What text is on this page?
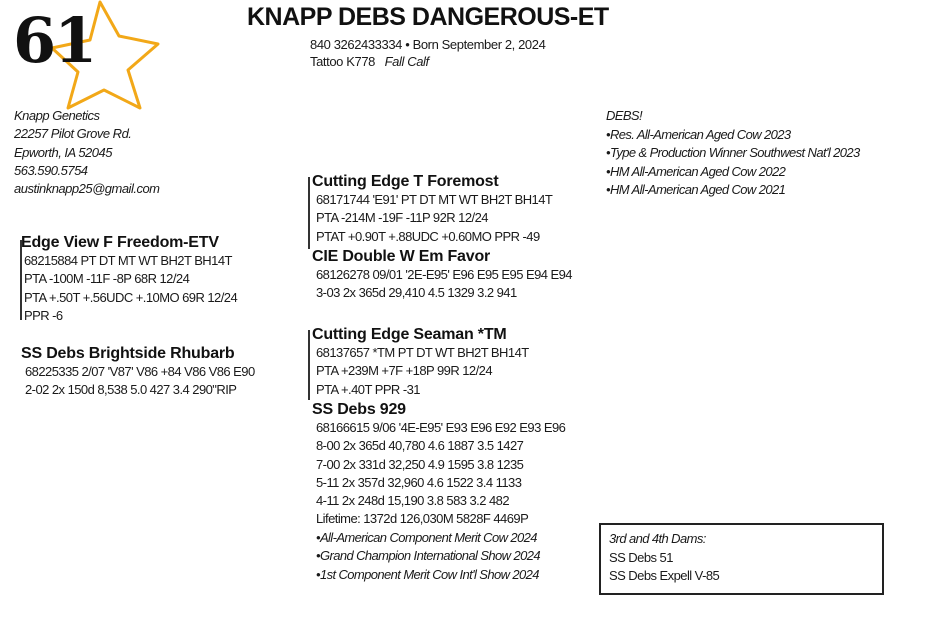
61	KNAPP DEBS DANGEROUS-ET
840 3262433334 • Born September 2, 2024
Tattoo K778 Fall Calf
Knapp Genetics
22257 Pilot Grove Rd.
Epworth, IA 52045
563.590.5754
austinknapp25@gmail.com
DEBS!
•Res. All-American Aged Cow 2023
•Type & Production Winner Southwest Nat'l 2023
•HM All-American Aged Cow 2022
•HM All-American Aged Cow 2021
Edge View F Freedom-ETV
68215884 PT DT MT WT BH2T BH14T
PTA -100M -11F -8P 68R 12/24
PTA +.50T +.56UDC +.10MO 69R 12/24
PPR -6
SS Debs Brightside Rhubarb
68225335 2/07 'V87' V86 +84 V86 V86 E90
2-02 2x 150d 8,538 5.0 427 3.4 290"RIP
Cutting Edge T Foremost
68171744 'E91' PT DT MT WT BH2T BH14T
PTA -214M -19F -11P 92R 12/24
PTAT +0.90T +.88UDC +0.60MO PPR -49
CIE Double W Em Favor
68126278 09/01 '2E-E95' E96 E95 E95 E94 E94
3-03 2x 365d 29,410 4.5 1329 3.2 941
Cutting Edge Seaman *TM
68137657 *TM PT DT WT BH2T BH14T
PTA +239M +7F +18P 99R 12/24
PTA +.40T PPR -31
SS Debs 929
68166615 9/06 '4E-E95' E93 E96 E92 E93 E96
8-00 2x 365d 40,780 4.6 1887 3.5 1427
7-00 2x 331d 32,250 4.9 1595 3.8 1235
5-11 2x 357d 32,960 4.6 1522 3.4 1133
4-11 2x 248d 15,190 3.8 583 3.2 482
Lifetime: 1372d 126,030M 5828F 4469P
•All-American Component Merit Cow 2024
•Grand Champion International Show 2024
•1st Component Merit Cow Int'l Show 2024
3rd and 4th Dams:
SS Debs 51
SS Debs Expell V-85
